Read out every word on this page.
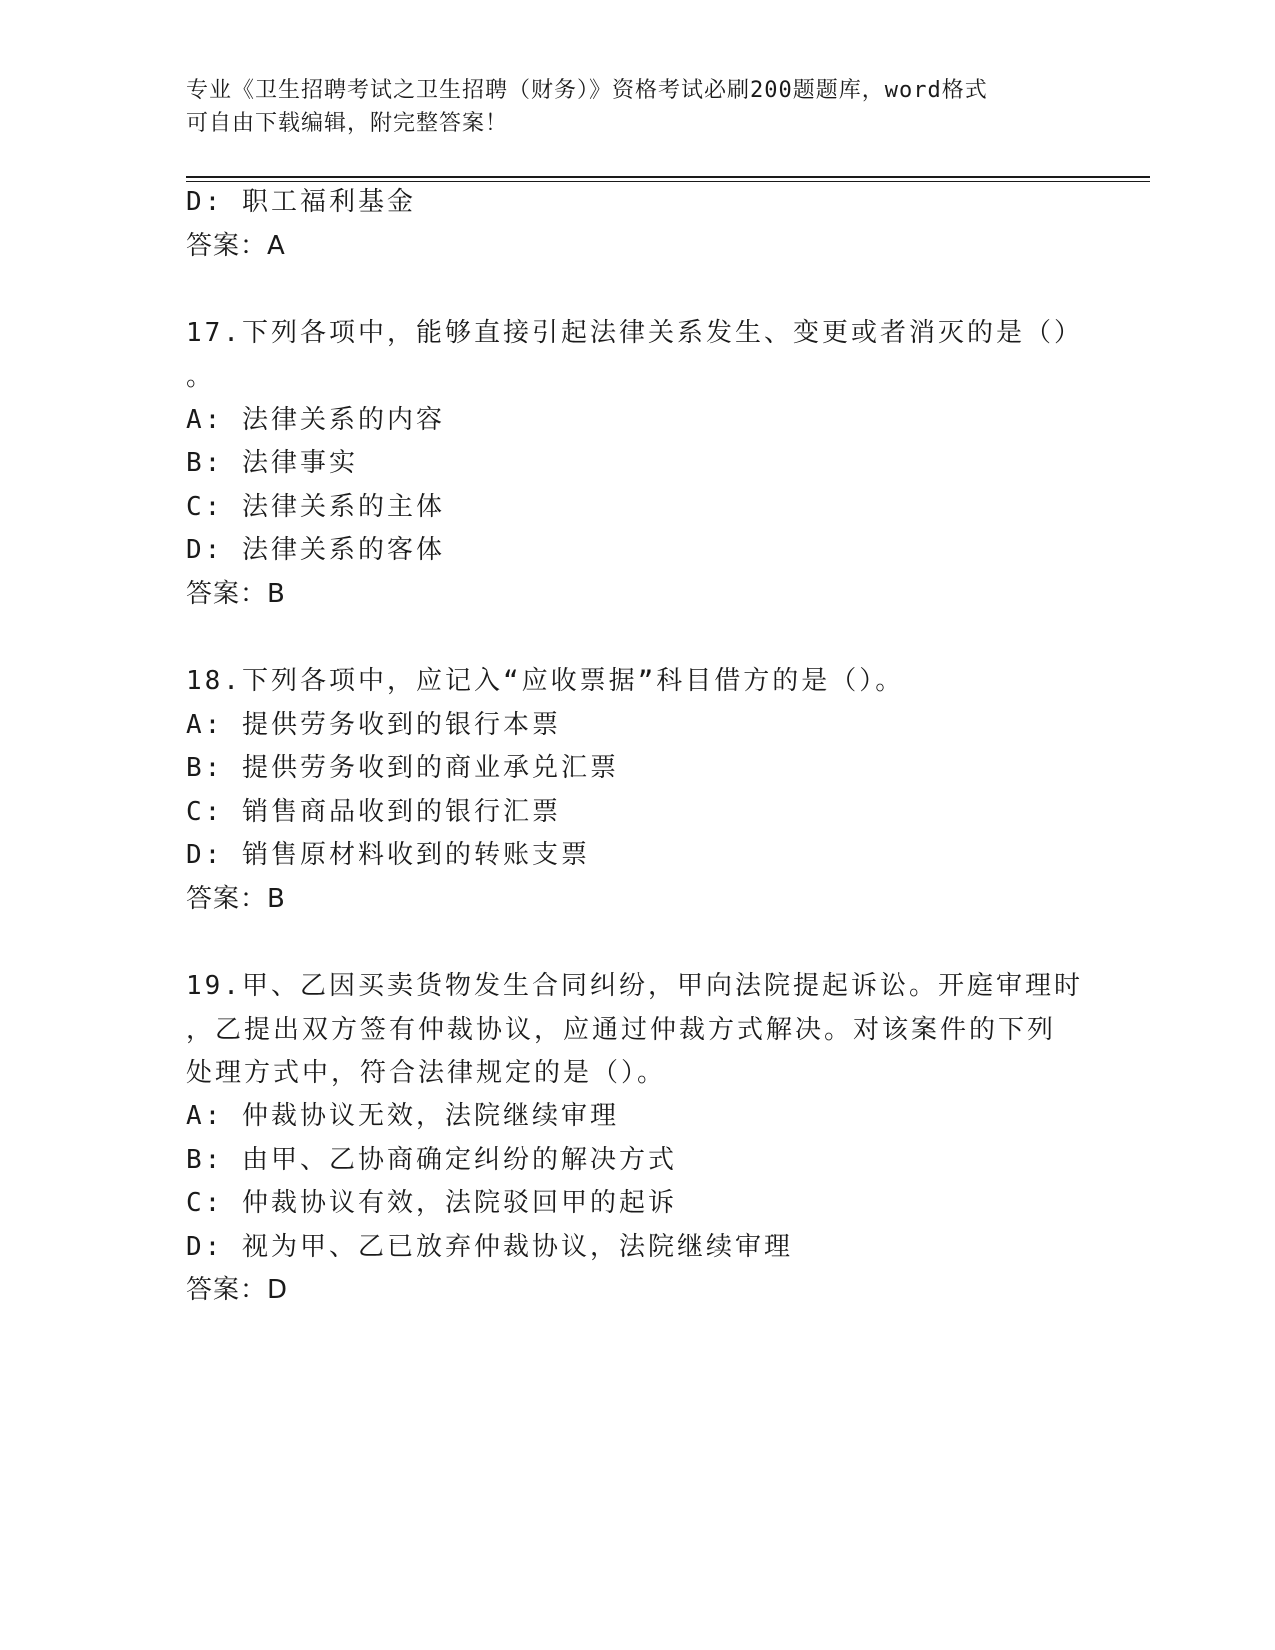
专业《卫生招聘考试之卫生招聘（财务）》资格考试必刷200题题库，word格式
可自由下载编辑，附完整答案！
D: 职工福利基金
答案：A
17.下列各项中，能够直接引起法律关系发生、变更或者消灭的是（）
。
A: 法律关系的内容
B: 法律事实
C: 法律关系的主体
D: 法律关系的客体
答案：B
18.下列各项中，应记入“应收票据”科目借方的是（）。
A: 提供劳务收到的银行本票
B: 提供劳务收到的商业承兑汇票
C: 销售商品收到的银行汇票
D: 销售原材料收到的转账支票
答案：B
19.甲、乙因买卖货物发生合同纠纷，甲向法院提起诉讼。开庭审理时
，乙提出双方签有仲裁协议，应通过仲裁方式解决。对该案件的下列
处理方式中，符合法律规定的是（）。
A: 仲裁协议无效，法院继续审理
B: 由甲、乙协商确定纠纷的解决方式
C: 仲裁协议有效，法院驳回甲的起诉
D: 视为甲、乙已放弃仲裁协议，法院继续审理
答案：D
